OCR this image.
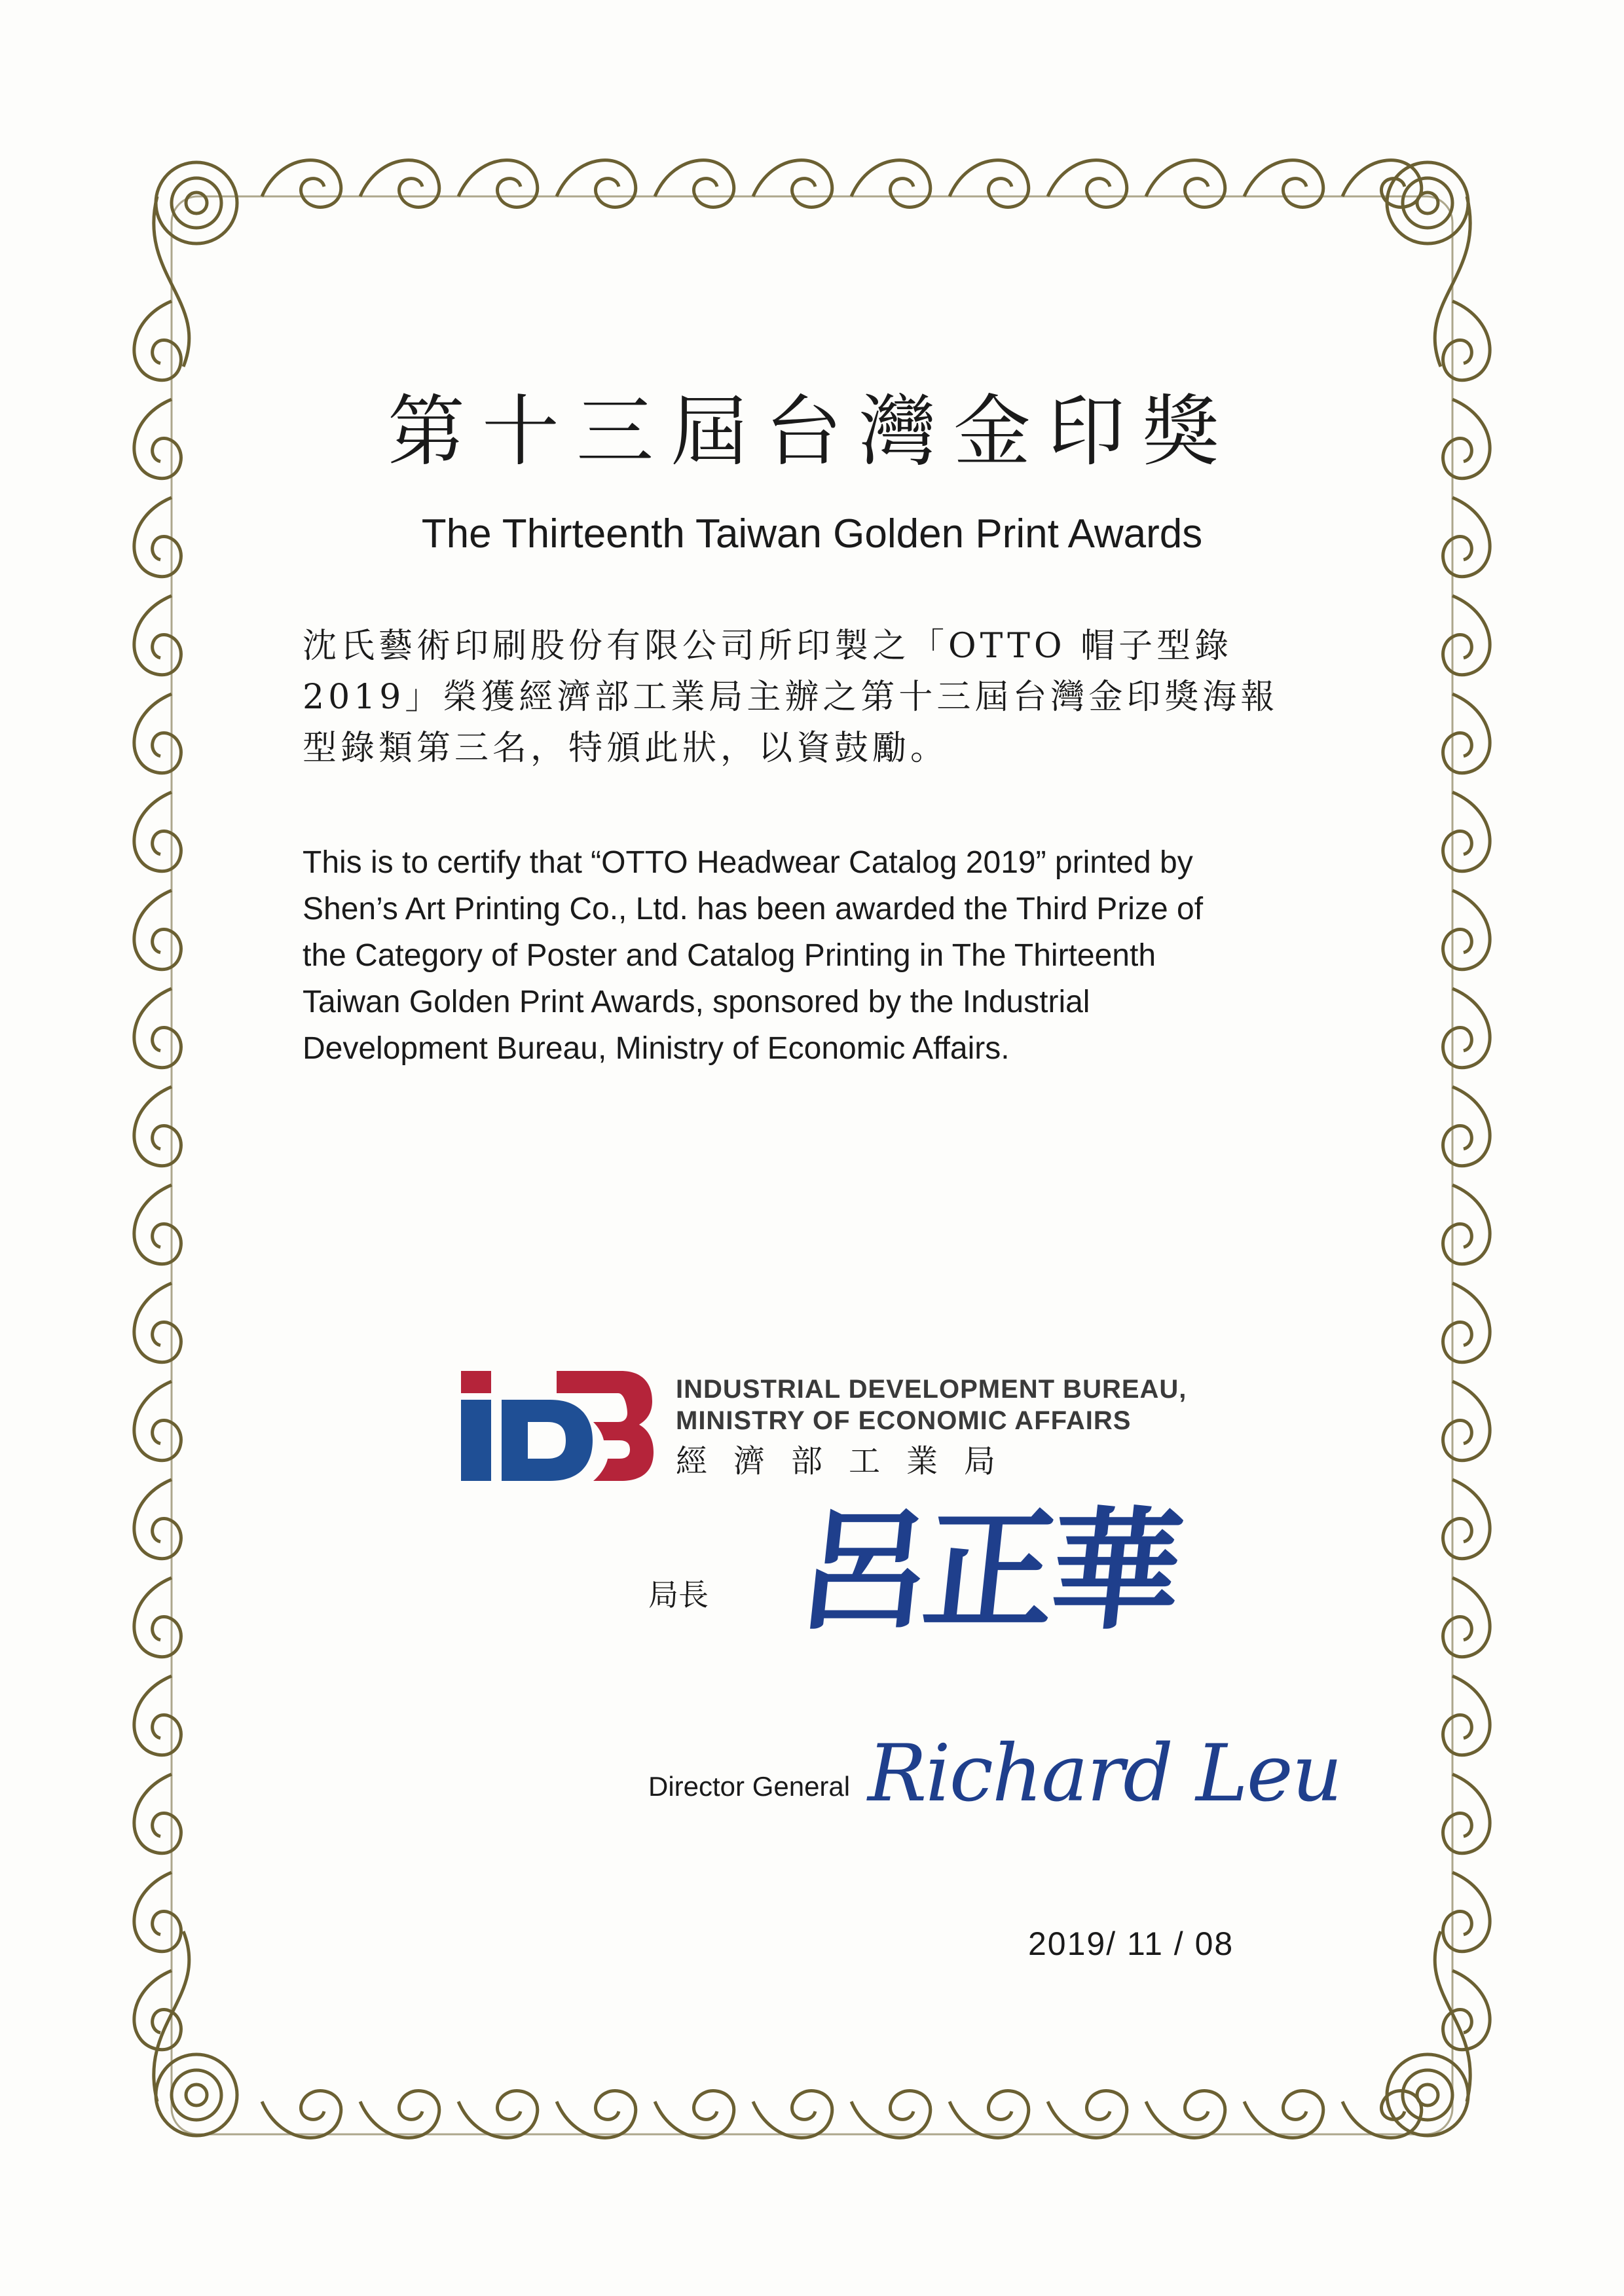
第十三屆台灣金印獎
The Thirteenth Taiwan Golden Print Awards
沈氏藝術印刷股份有限公司所印製之「OTTO 帽子型錄
2019」榮獲經濟部工業局主辦之第十三屆台灣金印獎海報
型錄類第三名，特頒此狀，以資鼓勵。
This is to certify that “OTTO Headwear Catalog 2019” printed by
Shen’s Art Printing Co., Ltd. has been awarded the Third Prize of
the Category of Poster and Catalog Printing in The Thirteenth
Taiwan Golden Print Awards, sponsored by the Industrial
Development Bureau, Ministry of Economic Affairs.
INDUSTRIAL DEVELOPMENT BUREAU,
MINISTRY OF ECONOMIC AFFAIRS
經濟部工業局
局長 呂正華
Director General Richard Leu
2019/ 11 / 08
